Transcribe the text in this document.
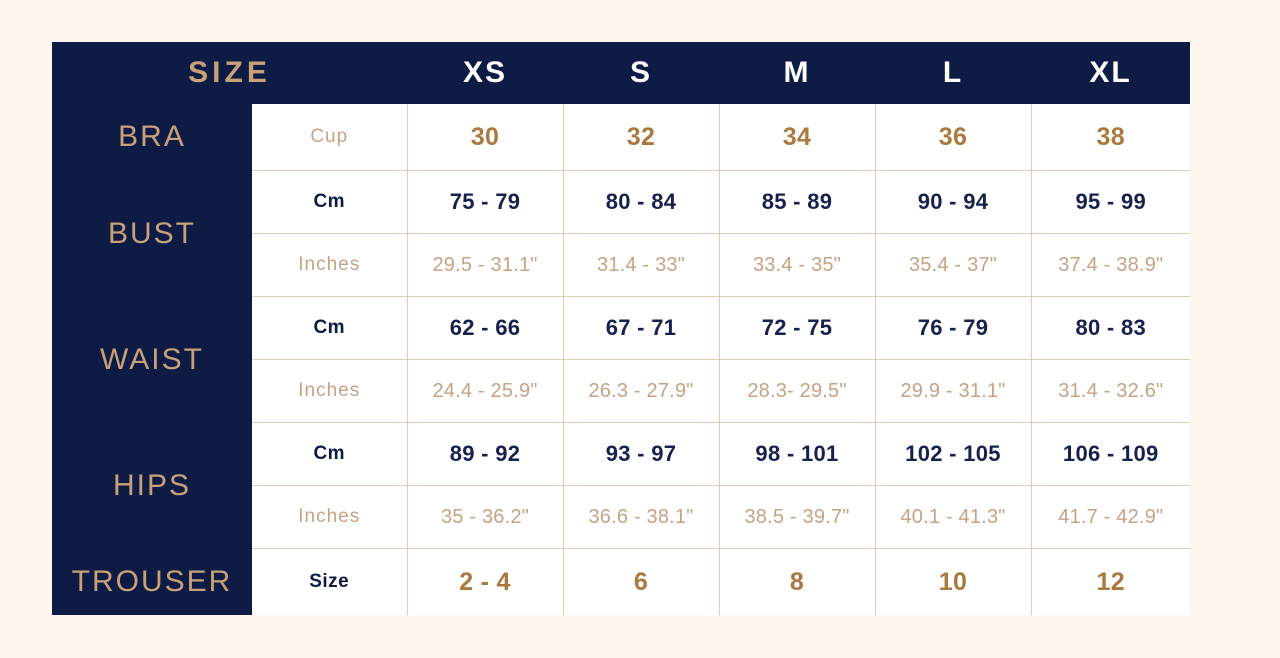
SIZE		XS	S	M	L	XL
BRA	Cup	30	32	34	36	38
BUST	Cm	75 - 79	80 - 84	85 - 89	90 - 94	95 - 99
	Inches	29.5 - 31.1"	31.4 - 33"	33.4 - 35"	35.4 - 37"	37.4 - 38.9"
WAIST	Cm	62 - 66	67 - 71	72 - 75	76 - 79	80 - 83
	Inches	24.4 - 25.9"	26.3 - 27.9"	28.3- 29.5"	29.9 - 31.1"	31.4 - 32.6"
HIPS	Cm	89 - 92	93 - 97	98 - 101	102 - 105	106 - 109
	Inches	35 - 36.2"	36.6 - 38.1"	38.5 - 39.7"	40.1 - 41.3"	41.7 - 42.9"
TROUSER	Size	2 - 4	6	8	10	12
